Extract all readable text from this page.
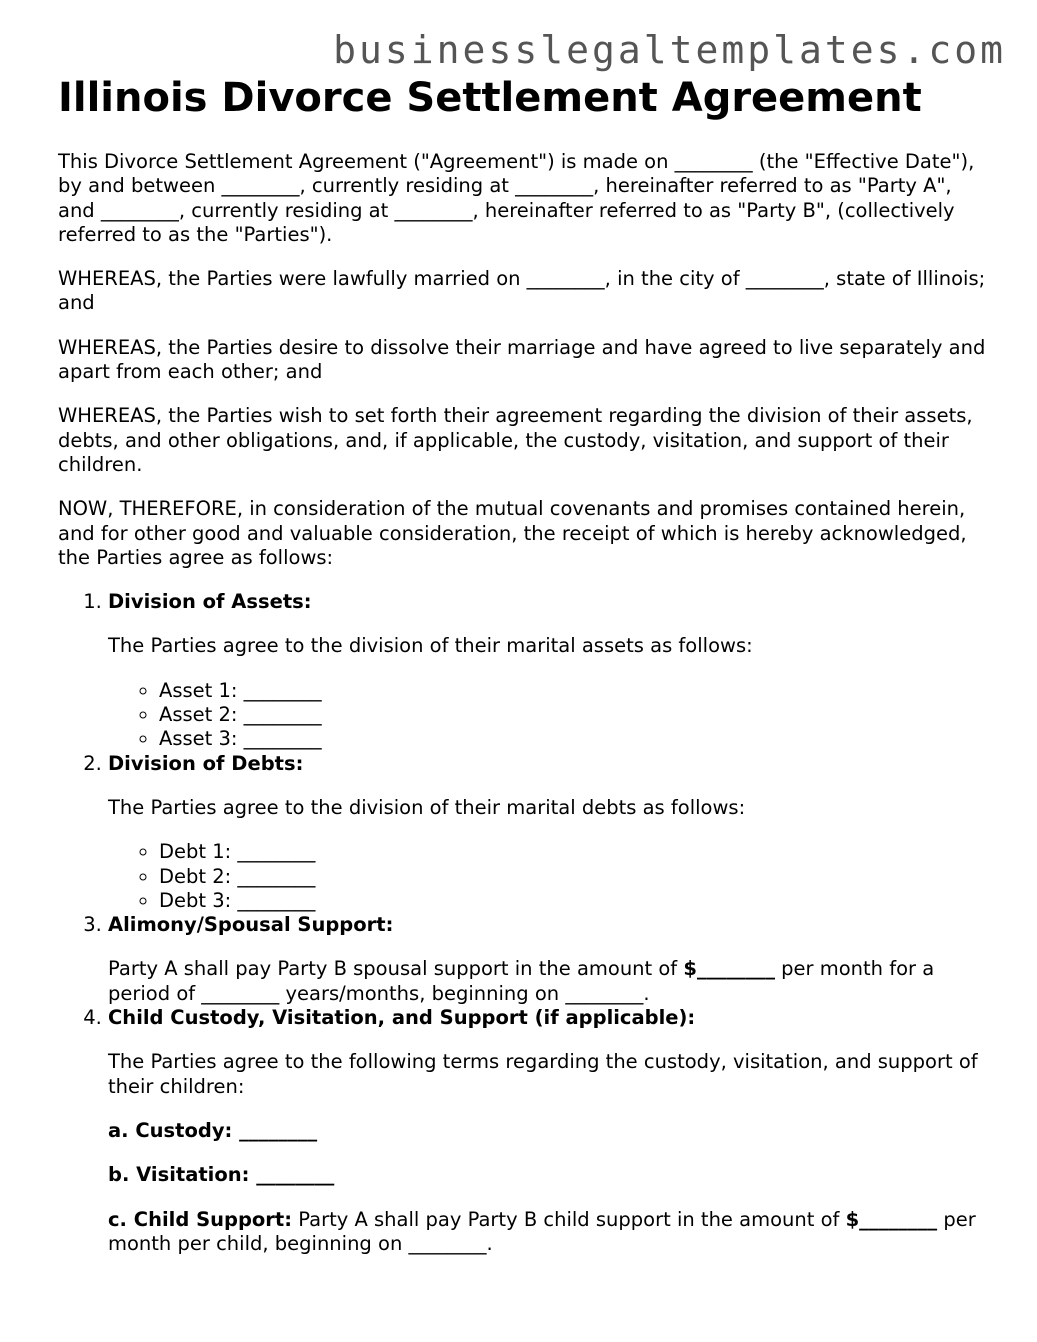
businesslegaltemplates.com
Illinois Divorce Settlement Agreement

This Divorce Settlement Agreement ("Agreement") is made on ________ (the "Effective Date"), by and between ________, currently residing at ________, hereinafter referred to as "Party A", and ________, currently residing at ________, hereinafter referred to as "Party B", (collectively referred to as the "Parties").

WHEREAS, the Parties were lawfully married on ________, in the city of ________, state of Illinois; and

WHEREAS, the Parties desire to dissolve their marriage and have agreed to live separately and apart from each other; and

WHEREAS, the Parties wish to set forth their agreement regarding the division of their assets, debts, and other obligations, and, if applicable, the custody, visitation, and support of their children.

NOW, THEREFORE, in consideration of the mutual covenants and promises contained herein, and for other good and valuable consideration, the receipt of which is hereby acknowledged, the Parties agree as follows:

1. Division of Assets:

The Parties agree to the division of their marital assets as follows:

◦ Asset 1: ________
◦ Asset 2: ________
◦ Asset 3: ________
2. Division of Debts:

The Parties agree to the division of their marital debts as follows:

◦ Debt 1: ________
◦ Debt 2: ________
◦ Debt 3: ________
3. Alimony/Spousal Support:

Party A shall pay Party B spousal support in the amount of $________ per month for a period of ________ years/months, beginning on ________.

4. Child Custody, Visitation, and Support (if applicable):

The Parties agree to the following terms regarding the custody, visitation, and support of their children:

a. Custody: ________

b. Visitation: ________

c. Child Support: Party A shall pay Party B child support in the amount of $________ per month per child, beginning on ________.
